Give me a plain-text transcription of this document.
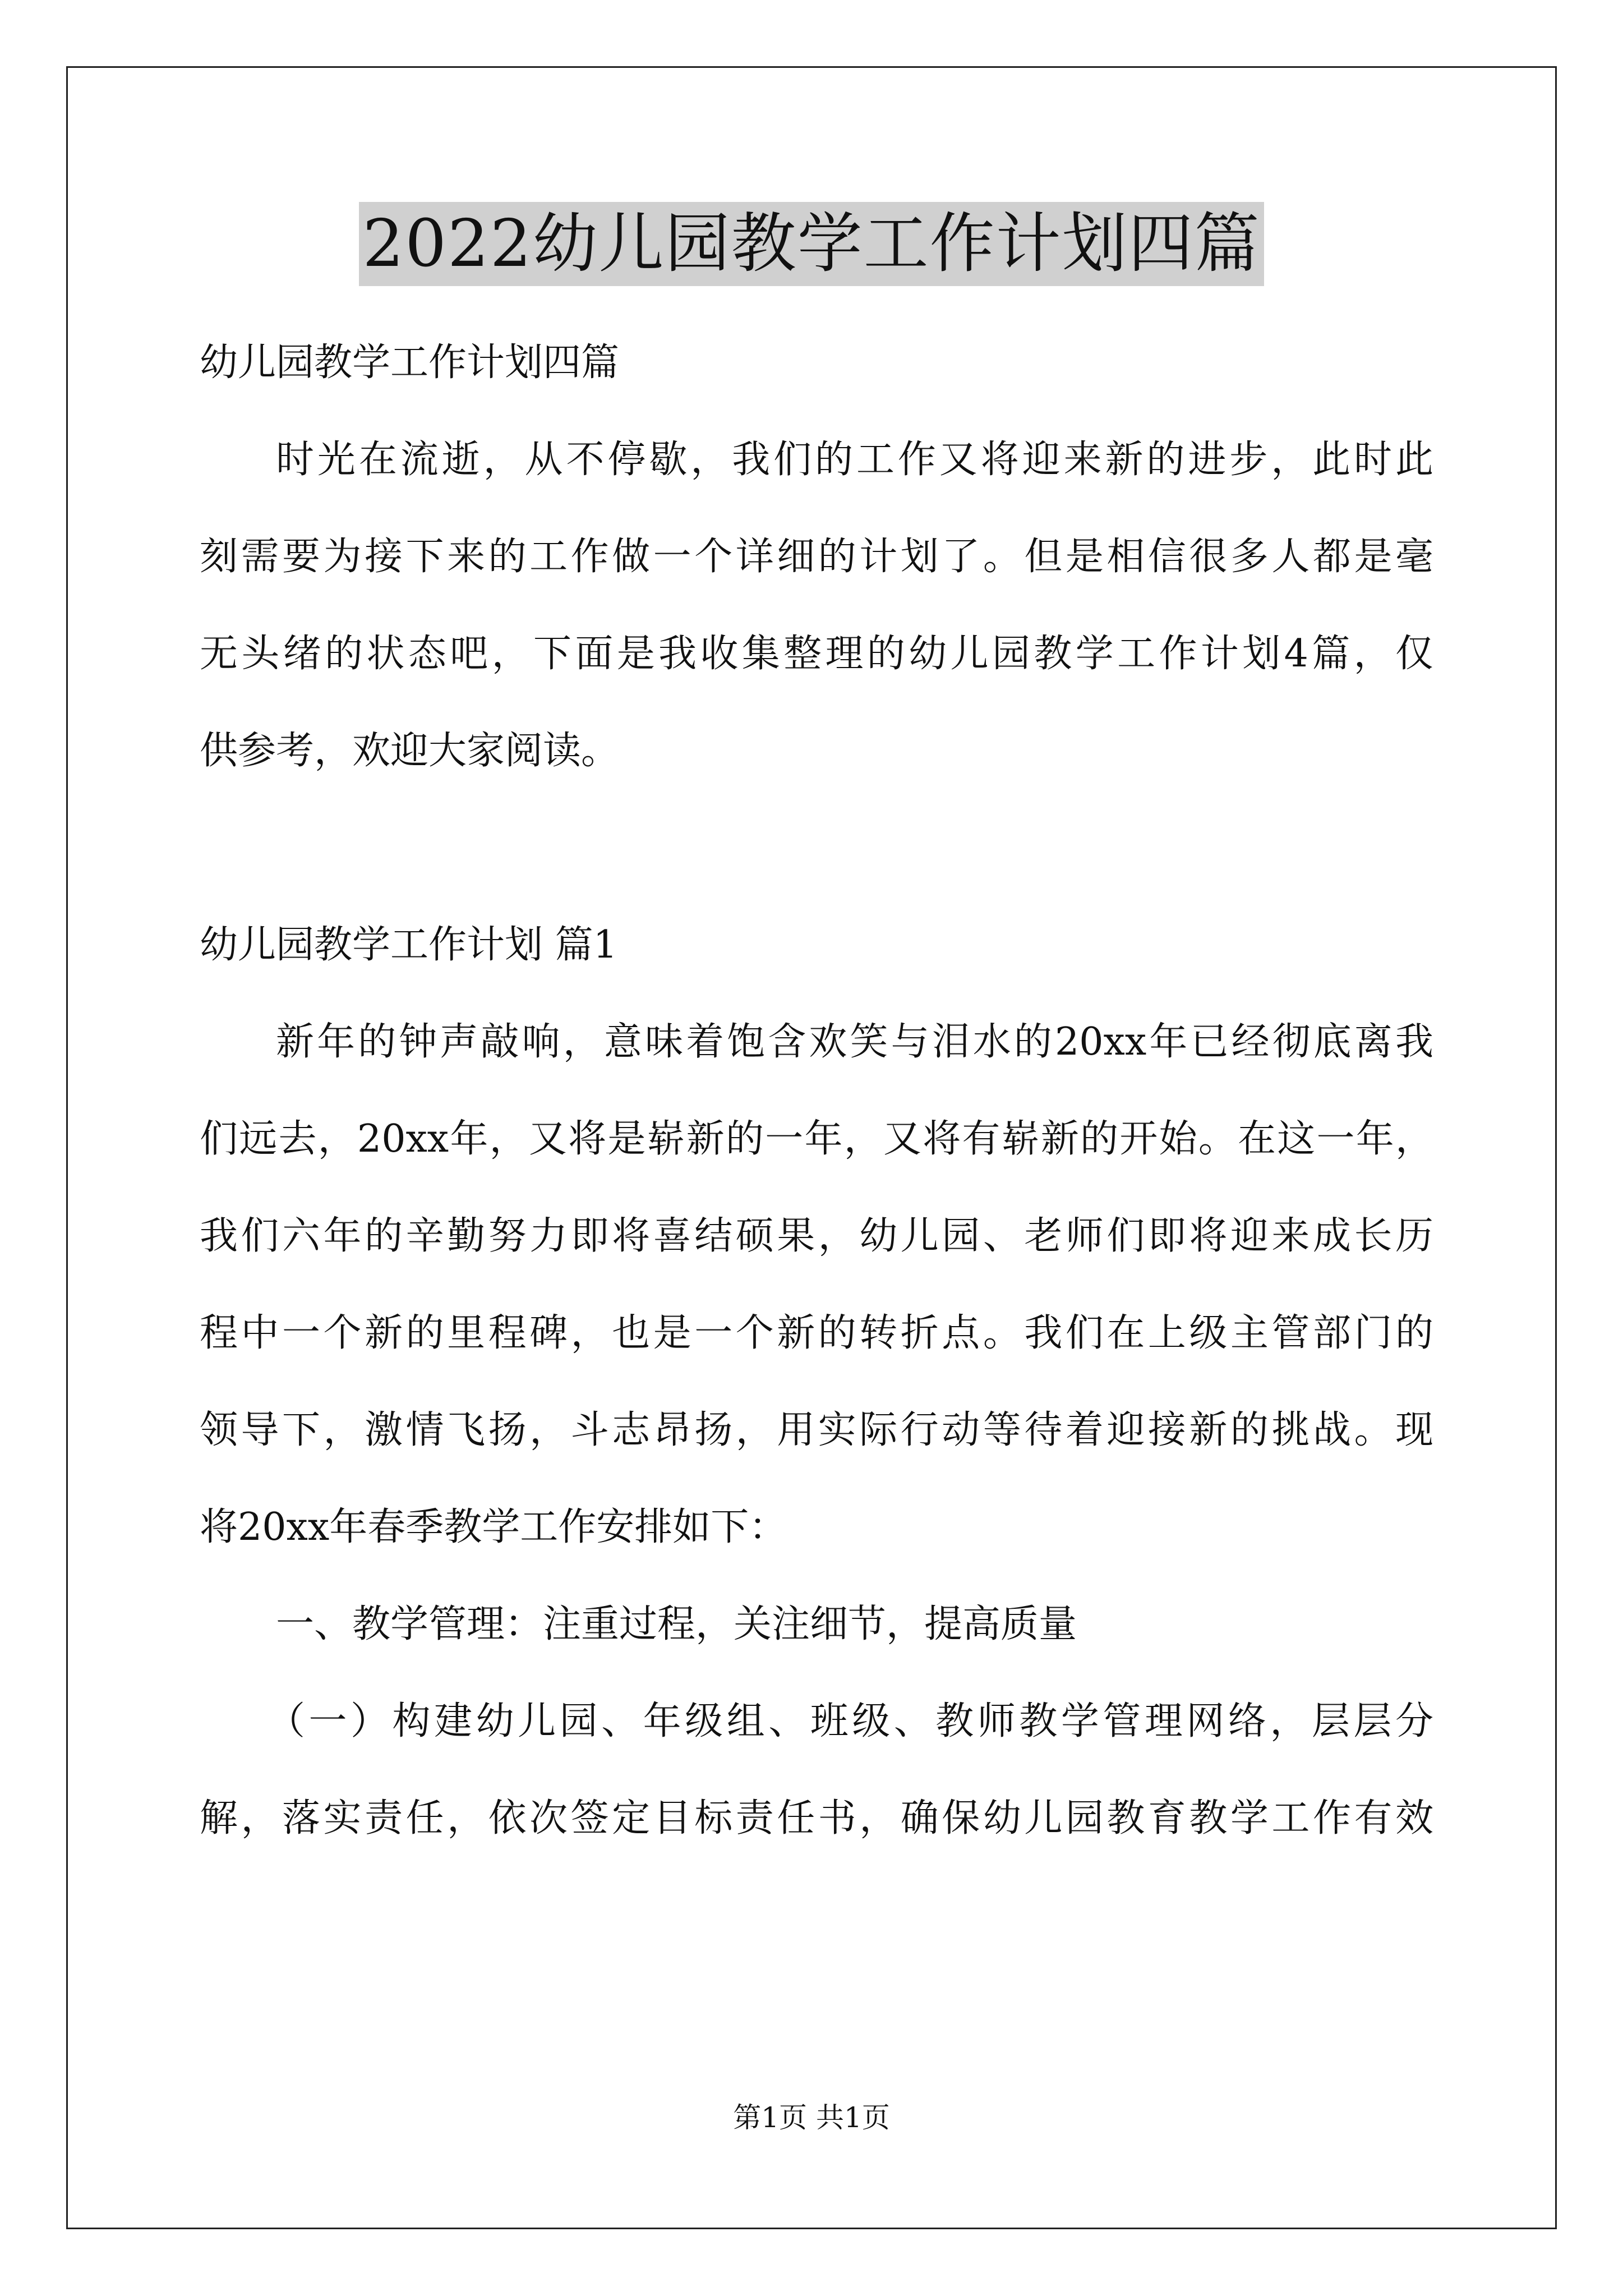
2022幼儿园教学工作计划四篇
幼儿园教学工作计划四篇
时光在流逝，从不停歇，我们的工作又将迎来新的进步，此时此
刻需要为接下来的工作做一个详细的计划了。但是相信很多人都是毫
无头绪的状态吧，下面是我收集整理的幼儿园教学工作计划4篇，仅
供参考，欢迎大家阅读。
幼儿园教学工作计划 篇1
新年的钟声敲响，意味着饱含欢笑与泪水的20xx年已经彻底离我
们远去，20xx年，又将是崭新的一年，又将有崭新的开始。在这一年，
我们六年的辛勤努力即将喜结硕果，幼儿园、老师们即将迎来成长历
程中一个新的里程碑，也是一个新的转折点。我们在上级主管部门的
领导下，激情飞扬，斗志昂扬，用实际行动等待着迎接新的挑战。现
将20xx年春季教学工作安排如下：
一、教学管理：注重过程，关注细节，提高质量
（一）构建幼儿园、年级组、班级、教师教学管理网络，层层分
解，落实责任，依次签定目标责任书，确保幼儿园教育教学工作有效
第1页 共1页
